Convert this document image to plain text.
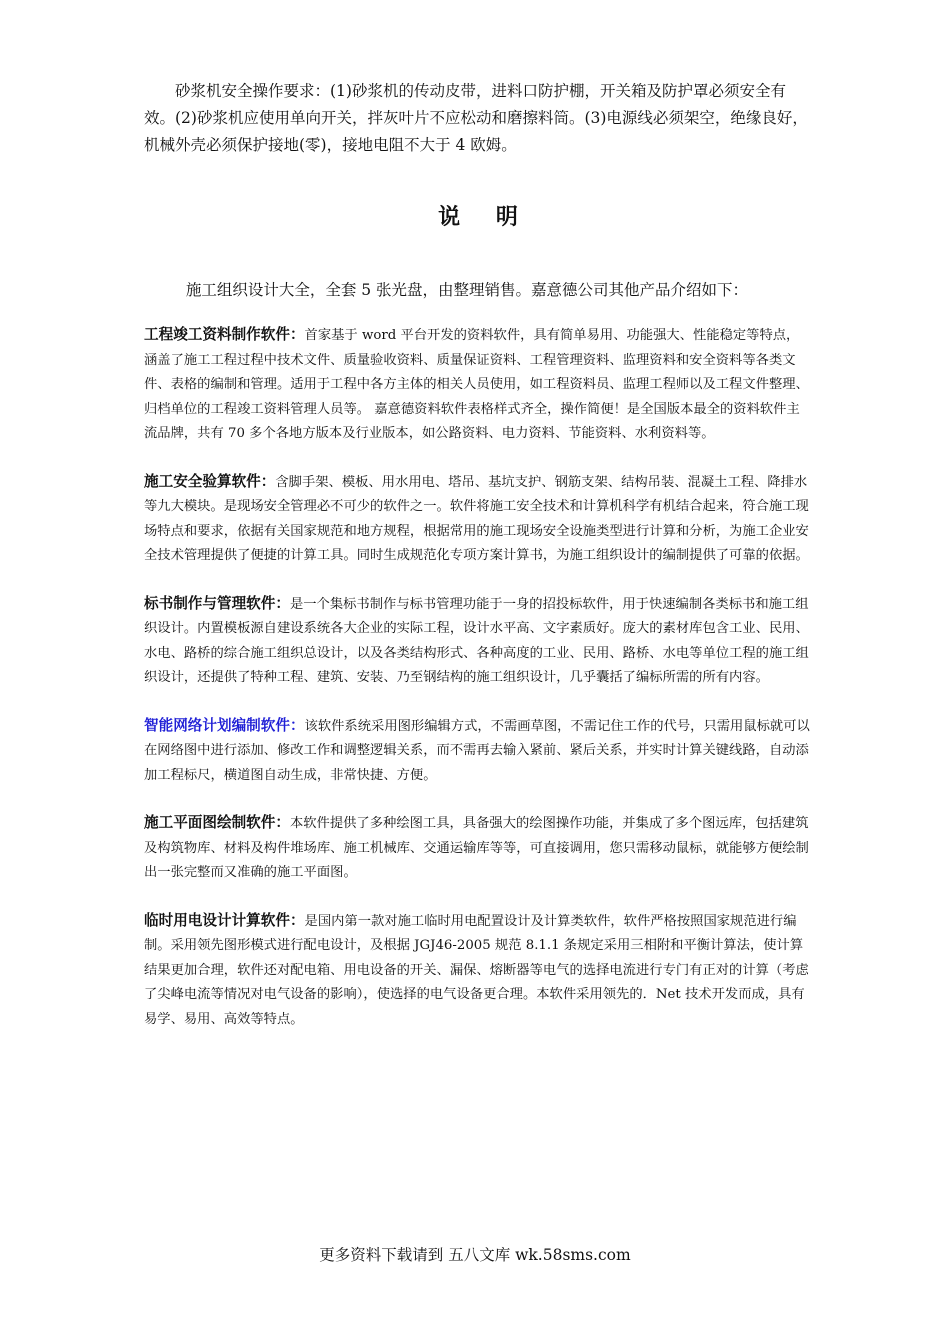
砂浆机安全操作要求：(1)砂浆机的传动皮带，进料口防护棚，开关箱及防护罩必须安全有效。(2)砂浆机应使用单向开关，拌灰叶片不应松动和磨擦料筒。(3)电源线必须架空，绝缘良好，机械外壳必须保护接地(零)，接地电阻不大于 4 欧姆。

说 明

施工组织设计大全，全套 5 张光盘，由整理销售。嘉意德公司其他产品介绍如下：

工程竣工资料制作软件：首家基于 word 平台开发的资料软件，具有简单易用、功能强大、性能稳定等特点，涵盖了施工工程过程中技术文件、质量验收资料、质量保证资料、工程管理资料、监理资料和安全资料等各类文件、表格的编制和管理。适用于工程中各方主体的相关人员使用，如工程资料员、监理工程师以及工程文件整理、归档单位的工程竣工资料管理人员等。 嘉意德资料软件表格样式齐全，操作简便！是全国版本最全的资料软件主流品牌，共有 70 多个各地方版本及行业版本，如公路资料、电力资料、节能资料、水利资料等。
施工安全验算软件：含脚手架、模板、用水用电、塔吊、基坑支护、钢筋支架、结构吊装、混凝土工程、降排水等九大模块。是现场安全管理必不可少的软件之一。软件将施工安全技术和计算机科学有机结合起来，符合施工现场特点和要求，依据有关国家规范和地方规程，根据常用的施工现场安全设施类型进行计算和分析，为施工企业安全技术管理提供了便捷的计算工具。同时生成规范化专项方案计算书，为施工组织设计的编制提供了可靠的依据。
标书制作与管理软件：是一个集标书制作与标书管理功能于一身的招投标软件，用于快速编制各类标书和施工组织设计。内置模板源自建设系统各大企业的实际工程，设计水平高、文字素质好。庞大的素材库包含工业、民用、水电、路桥的综合施工组织总设计，以及各类结构形式、各种高度的工业、民用、路桥、水电等单位工程的施工组织设计，还提供了特种工程、建筑、安装、乃至钢结构的施工组织设计，几乎囊括了编标所需的所有内容。
智能网络计划编制软件：该软件系统采用图形编辑方式，不需画草图，不需记住工作的代号，只需用鼠标就可以在网络图中进行添加、修改工作和调整逻辑关系，而不需再去输入紧前、紧后关系，并实时计算关键线路，自动添加工程标尺，横道图自动生成，非常快捷、方便。
施工平面图绘制软件：本软件提供了多种绘图工具，具备强大的绘图操作功能，并集成了多个图远库，包括建筑及构筑物库、材料及构件堆场库、施工机械库、交通运输库等等，可直接调用，您只需移动鼠标，就能够方便绘制出一张完整而又准确的施工平面图。
临时用电设计计算软件：是国内第一款对施工临时用电配置设计及计算类软件，软件严格按照国家规范进行编制。采用领先图形模式进行配电设计，及根据 JGJ46-2005 规范 8.1.1 条规定采用三相附和平衡计算法，使计算结果更加合理，软件还对配电箱、用电设备的开关、漏保、熔断器等电气的选择电流进行专门有正对的计算（考虑了尖峰电流等情况对电气设备的影响），使选择的电气设备更合理。本软件采用领先的．Net 技术开发而成，具有易学、易用、高效等特点。
更多资料下载请到 五八文库 wk.58sms.com
